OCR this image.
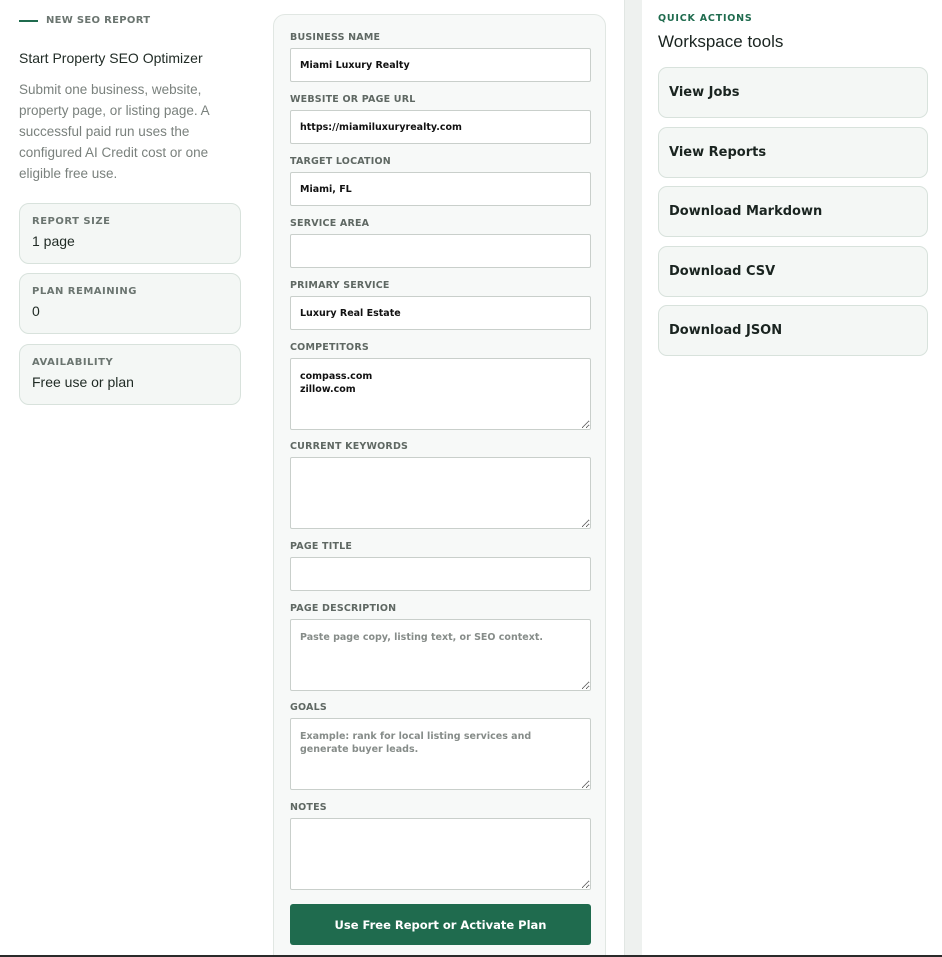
NEW SEO REPORT
Start Property SEO Optimizer
Submit one business, website, property page, or listing page. A successful paid run uses the configured AI Credit cost or one eligible free use.
REPORT SIZE
1 page
PLAN REMAINING
0
AVAILABILITY
Free use or plan
BUSINESS NAME
Miami Luxury Realty
WEBSITE OR PAGE URL
https://miamiluxuryrealty.com
TARGET LOCATION
Miami, FL
SERVICE AREA
PRIMARY SERVICE
Luxury Real Estate
COMPETITORS
compass.com zillow.com
CURRENT KEYWORDS
PAGE TITLE
PAGE DESCRIPTION
Paste page copy, listing text, or SEO context.
GOALS
Example: rank for local listing services and generate buyer leads.
NOTES
Use Free Report or Activate Plan
QUICK ACTIONS
Workspace tools
View Jobs
View Reports
Download Markdown
Download CSV
Download JSON
